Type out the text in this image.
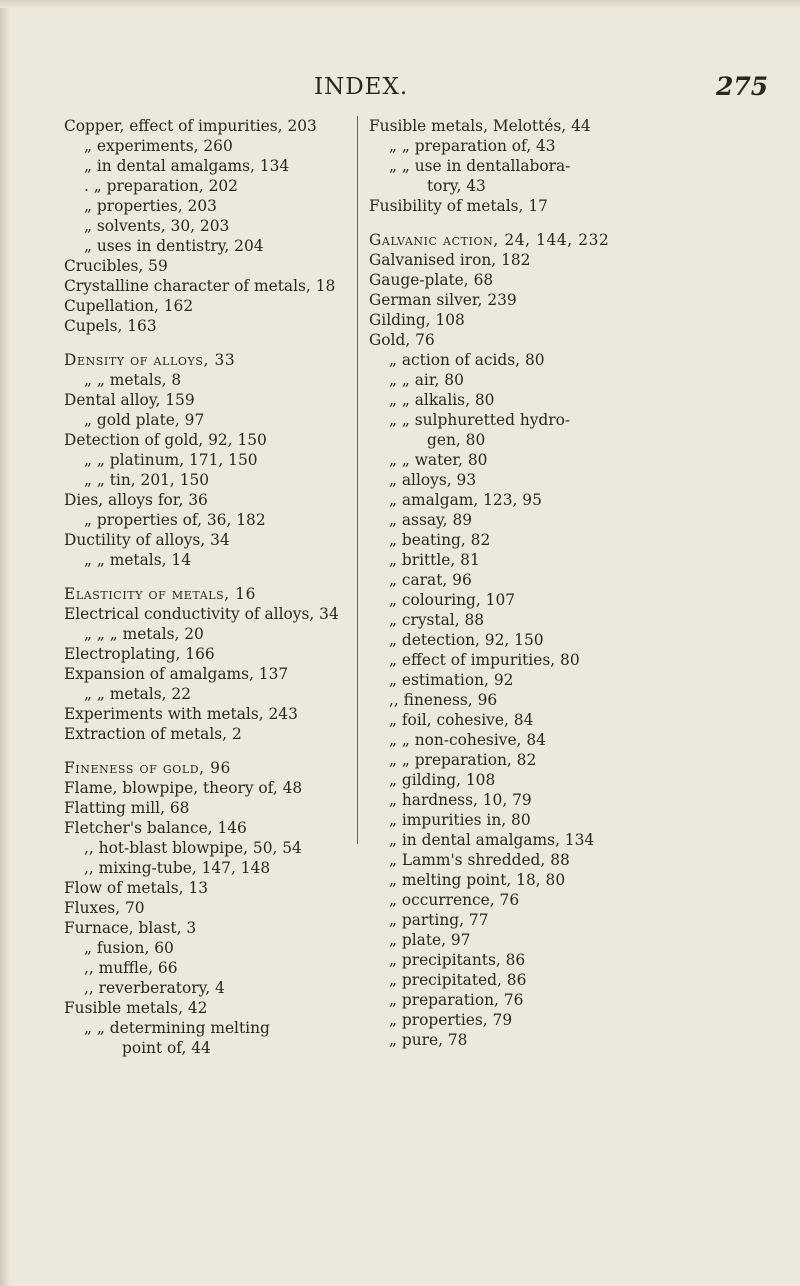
INDEX.	275
Copper, effect of impurities, 203
„ experiments, 260
„ in dental amalgams, 134
. „ preparation, 202
„ properties, 203
„ solvents, 30, 203
„ uses in dentistry, 204
Crucibles, 59
Crystalline character of metals, 18
Cupellation, 162
Cupels, 163
Density of alloys, 33
„ „ metals, 8
Dental alloy, 159
„ gold plate, 97
Detection of gold, 92, 150
„ „ platinum, 171, 150
„ „ tin, 201, 150
Dies, alloys for, 36
„ properties of, 36, 182
Ductility of alloys, 34
„ „ metals, 14
Elasticity of metals, 16
Electrical conductivity of alloys, 34
„ „ „ metals, 20
Electroplating, 166
Expansion of amalgams, 137
„ „ metals, 22
Experiments with metals, 243
Extraction of metals, 2
Fineness of gold, 96
Flame, blowpipe, theory of, 48
Flatting mill, 68
Fletcher's balance, 146
,, hot-blast blowpipe, 50, 54
,, mixing-tube, 147, 148
Flow of metals, 13
Fluxes, 70
Furnace, blast, 3
„ fusion, 60
,, muffle, 66
,, reverberatory, 4
Fusible metals, 42
„ „ determining melting
point of, 44
Fusible metals, Melottés, 44
„ „ preparation of, 43
„ „ use in dentallabora-
tory, 43
Fusibility of metals, 17
Galvanic action, 24, 144, 232
Galvanised iron, 182
Gauge-plate, 68
German silver, 239
Gilding, 108
Gold, 76
„ action of acids, 80
„ „ air, 80
„ „ alkalis, 80
„ „ sulphuretted hydro-
gen, 80
„ „ water, 80
„ alloys, 93
„ amalgam, 123, 95
„ assay, 89
„ beating, 82
„ brittle, 81
„ carat, 96
„ colouring, 107
„ crystal, 88
„ detection, 92, 150
„ effect of impurities, 80
„ estimation, 92
,, fineness, 96
„ foil, cohesive, 84
„ „ non-cohesive, 84
„ „ preparation, 82
„ gilding, 108
„ hardness, 10, 79
„ impurities in, 80
„ in dental amalgams, 134
„ Lamm's shredded, 88
„ melting point, 18, 80
„ occurrence, 76
„ parting, 77
„ plate, 97
„ precipitants, 86
„ precipitated, 86
„ preparation, 76
„ properties, 79
„ pure, 78
